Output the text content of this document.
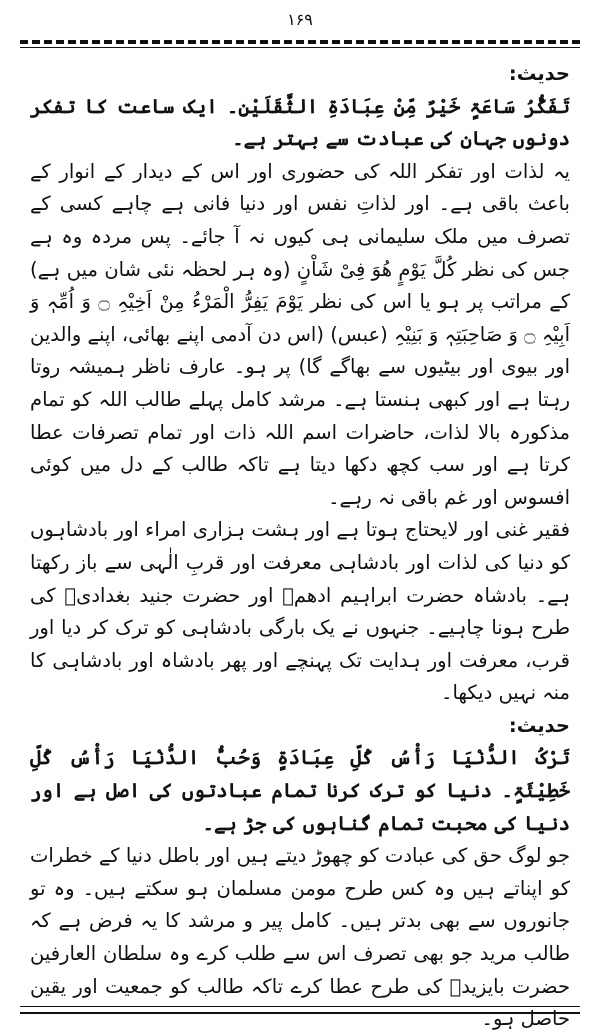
۱۶۹

حدیث:

تَفَکُّرُ سَاعَۃٍ خَیْرٌ مِّنْ عِبَادَۃِ الثَّقَلَیْنِ۔ ایک ساعت کا تفکر دونوں جہان کی عبادت سے بہتر ہے۔

یہ لذات اور تفکر اللہ کی حضوری اور اس کے دیدار کے انوار کے باعث باقی ہے۔ اور لذاتِ نفس اور دنیا فانی ہے چاہے کسی کے تصرف میں ملک سلیمانی ہی کیوں نہ آ جائے۔ پس مردہ وہ ہے جس کی نظر کُلَّ یَوْمٍ ھُوَ فِیْ شَاْنٍ (وہ ہر لحظہ نئی شان میں ہے) کے مراتب پر ہو یا اس کی نظر یَوْمَ یَفِرُّ الْمَرْءُ مِنْ اَخِیْہِ ۝ وَ اُمِّہٖ وَ اَبِیْہِ ۝ وَ صَاحِبَتِہٖ وَ بَنِیْہِ (عبس) (اس دن آدمی اپنے بھائی، اپنے والدین اور بیوی اور بیٹیوں سے بھاگے گا) پر ہو۔ عارف ناظر ہمیشہ روتا رہتا ہے اور کبھی ہنستا ہے۔ مرشد کامل پہلے طالب اللہ کو تمام مذکورہ بالا لذات، حاضرات اسم اللہ ذات اور تمام تصرفات عطا کرتا ہے اور سب کچھ دکھا دیتا ہے تاکہ طالب کے دل میں کوئی افسوس اور غم باقی نہ رہے۔

فقیر غنی اور لایحتاج ہوتا ہے اور ہشت ہزاری امراء اور بادشاہوں کو دنیا کی لذات اور بادشاہی معرفت اور قربِ الٰہی سے باز رکھتا ہے۔ بادشاہ حضرت ابراہیم ادھمؒ اور حضرت جنید بغدادیؒ کی طرح ہونا چاہیے۔ جنہوں نے یک بارگی بادشاہی کو ترک کر دیا اور قرب، معرفت اور ہدایت تک پہنچے اور پھر بادشاہ اور بادشاہی کا منہ نہیں دیکھا۔

حدیث:

تَرْکُ الدُّنْیَا رَأْسُ کُلِّ عِبَادَۃٍ وَحُبُّ الدُّنْیَا رَأْسُ کُلِّ خَطِیْئَۃٍ۔ دنیا کو ترک کرنا تمام عبادتوں کی اصل ہے اور دنیا کی محبت تمام گناہوں کی جڑ ہے۔

جو لوگ حق کی عبادت کو چھوڑ دیتے ہیں اور باطل دنیا کے خطرات کو اپناتے ہیں وہ کس طرح مومن مسلمان ہو سکتے ہیں۔ وہ تو جانوروں سے بھی بدتر ہیں۔ کامل پیر و مرشد کا یہ فرض ہے کہ طالب مرید جو بھی تصرف اس سے طلب کرے وہ سلطان العارفین حضرت بایزیدؒ کی طرح عطا کرے تاکہ طالب کو جمعیت اور یقین حاصل ہو۔
